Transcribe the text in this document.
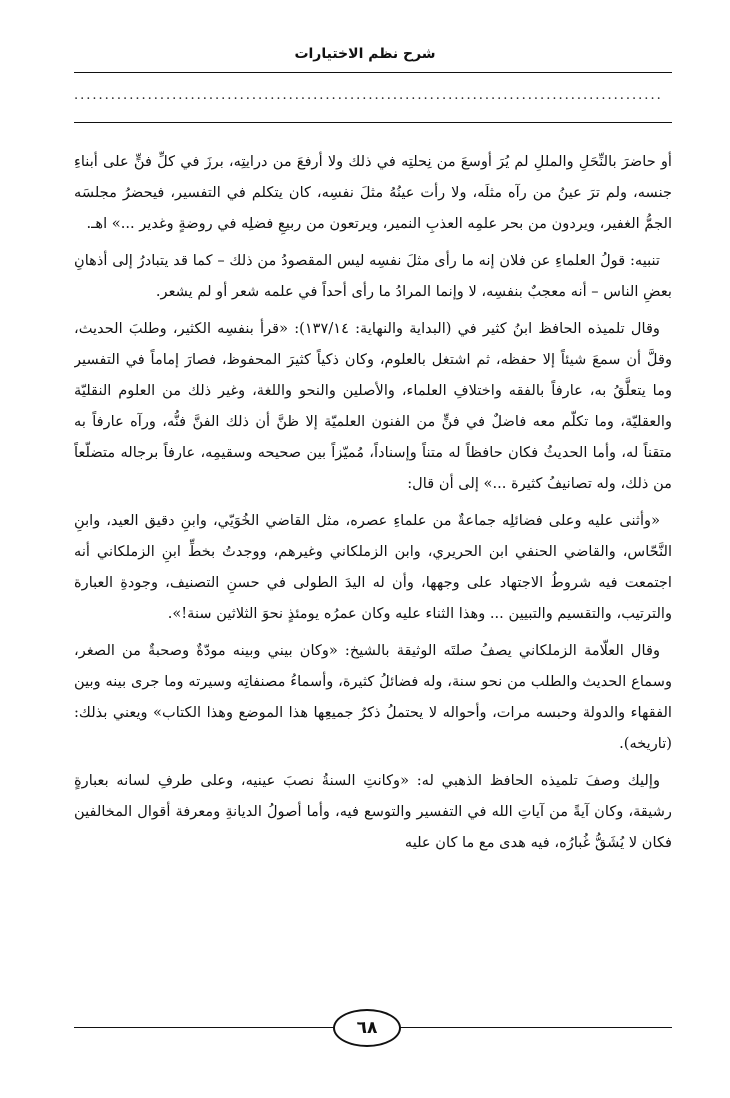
شرح نظم الاختيارات
................................................................................................

أو حاضرَ بالنِّحَلِ والمللِ لم يُرَ أوسعَ من نِحلتِه في ذلك ولا أرفعَ من درايتِه، برزَ في كلِّ فنٍّ على أبناءِ جنسه، ولم ترَ عينُ من رآه مثلَه، ولا رأت عينُهُ مثلَ نفسِه، كان يتكلم في التفسير، فيحضرُ مجلسَه الجمُّ الغفير، ويردون من بحر علمِه العذبِ النمير، ويرتعون من ربيعِ فضلِه في روضةٍ وغدير ...» اهـ.

تنبيه: قولُ العلماءِ عن فلان إنه ما رأى مثلَ نفسِه ليس المقصودُ من ذلك – كما قد يتبادرُ إلى أذهانِ بعضِ الناس – أنه معجبٌ بنفسِه، لا وإنما المرادُ ما رأى أحداً في علمه شعر أو لم يشعر.

وقال تلميذه الحافظ ابنُ كثير في (البداية والنهاية: ١٣٧/١٤): «قرأ بنفسِه الكثير، وطلبَ الحديث، وقلَّ أن سمعَ شيئاً إلا حفظه، ثم اشتغل بالعلوم، وكان ذكياً كثيرَ المحفوظ، فصارَ إماماً في التفسير وما يتعلَّقُ به، عارفاً بالفقه واختلافِ العلماء، والأصلين والنحو واللغة، وغير ذلك من العلوم النقليّة والعقليّة، وما تكلّم معه فاضلٌ في فنٍّ من الفنون العلميّة إلا ظنَّ أن ذلك الفنَّ فنُّه، ورآه عارفاً به متقناً له، وأما الحديثُ فكان حافظاً له متناً وإسناداً، مُميّزاً بين صحيحه وسقيمِه، عارفاً برجاله متضلّعاً من ذلك، وله تصانيفُ كثيرة ...» إلى أن قال:

«وأثنى عليه وعلى فضائلِه جماعةٌ من علماءِ عصره، مثل القاضي الخُوَيّي، وابنِ دقيق العيد، وابنِ النَّحّاس، والقاضي الحنفي ابن الحريري، وابن الزملكاني وغيرهم، ووجدتُ بخطِّ ابنِ الزملكاني أنه اجتمعت فيه شروطُ الاجتهاد على وجهها، وأن له اليدَ الطولى في حسنِ التصنيف، وجودةِ العبارة والترتيب، والتقسيم والتبيين ... وهذا الثناء عليه وكان عمرُه يومئذٍ نحوَ الثلاثين سنة!».

وقال العلّامة الزملكاني يصفُ صلتَه الوثيقة بالشيخ: «وكان بيني وبينه مودّةٌ وصحبةٌ من الصغر، وسماع الحديث والطلب من نحو سنة، وله فضائلُ كثيرة، وأسماءُ مصنفاتِه وسيرته وما جرى بينه وبين الفقهاء والدولة وحبسه مرات، وأحواله لا يحتملُ ذكرُ جميعِها هذا الموضع وهذا الكتاب» ويعني بذلك: (تاريخه).

وإليك وصفَ تلميذه الحافظ الذهبي له: «وكانتِ السنةُ نصبَ عينيه، وعلى طرفِ لسانه بعبارةٍ رشيقة، وكان آيةً من آياتِ الله في التفسير والتوسع فيه، وأما أصولُ الديانةِ ومعرفة أقوال المخالفين فكان لا يُشَقُّ غُبارُه، فيه هدى مع ما كان عليه

٦٨
